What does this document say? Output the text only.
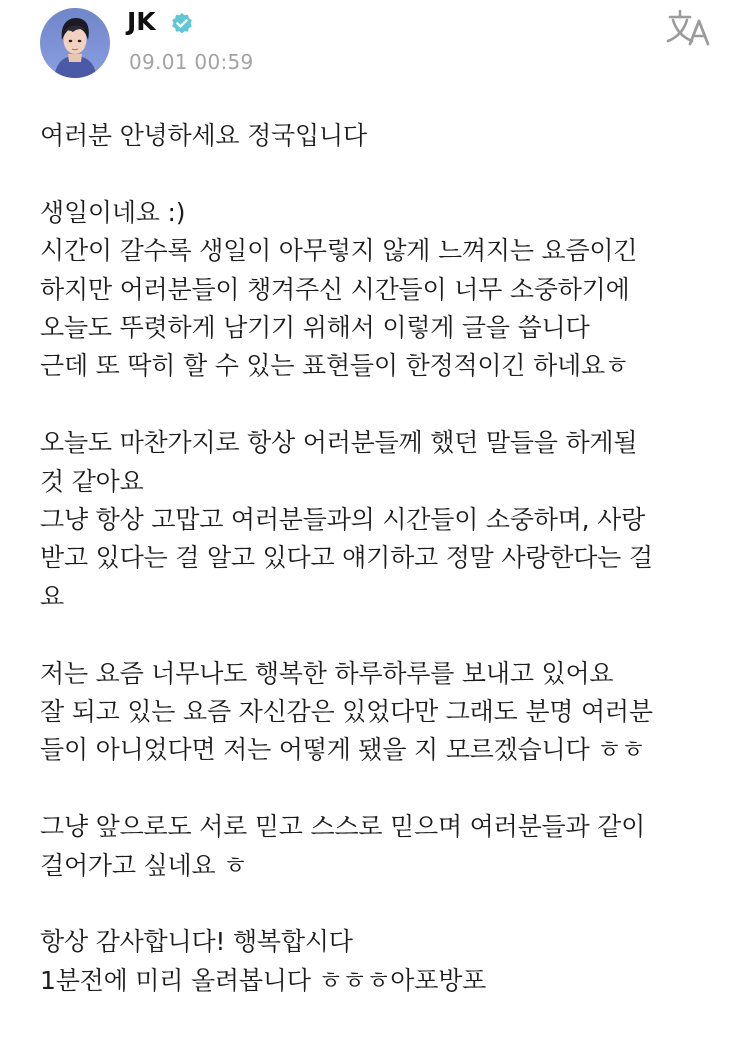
JK
09.01 00:59
여러분 안녕하세요 정국입니다
생일이네요 :)
시간이 갈수록 생일이 아무렇지 않게 느껴지는 요즘이긴
하지만 어러분들이 챙겨주신 시간들이 너무 소중하기에
오늘도 뚜렷하게 남기기 위해서 이렇게 글을 씁니다
근데 또 딱히 할 수 있는 표현들이 한정적이긴 하네요ㅎ
오늘도 마찬가지로 항상 어러분들께 했던 말들을 하게될
것 같아요
그냥 항상 고맙고 여러분들과의 시간들이 소중하며, 사랑
받고 있다는 걸 알고 있다고 얘기하고 정말 사랑한다는 걸
요
저는 요즘 너무나도 행복한 하루하루를 보내고 있어요
잘 되고 있는 요즘 자신감은 있었다만 그래도 분명 여러분
들이 아니었다면 저는 어떻게 됐을 지 모르겠습니다 ㅎㅎ
그냥 앞으로도 서로 믿고 스스로 믿으며 여러분들과 같이
걸어가고 싶네요 ㅎ
항상 감사합니다! 행복합시다
1분전에 미리 올려봅니다 ㅎㅎㅎ아포방포
